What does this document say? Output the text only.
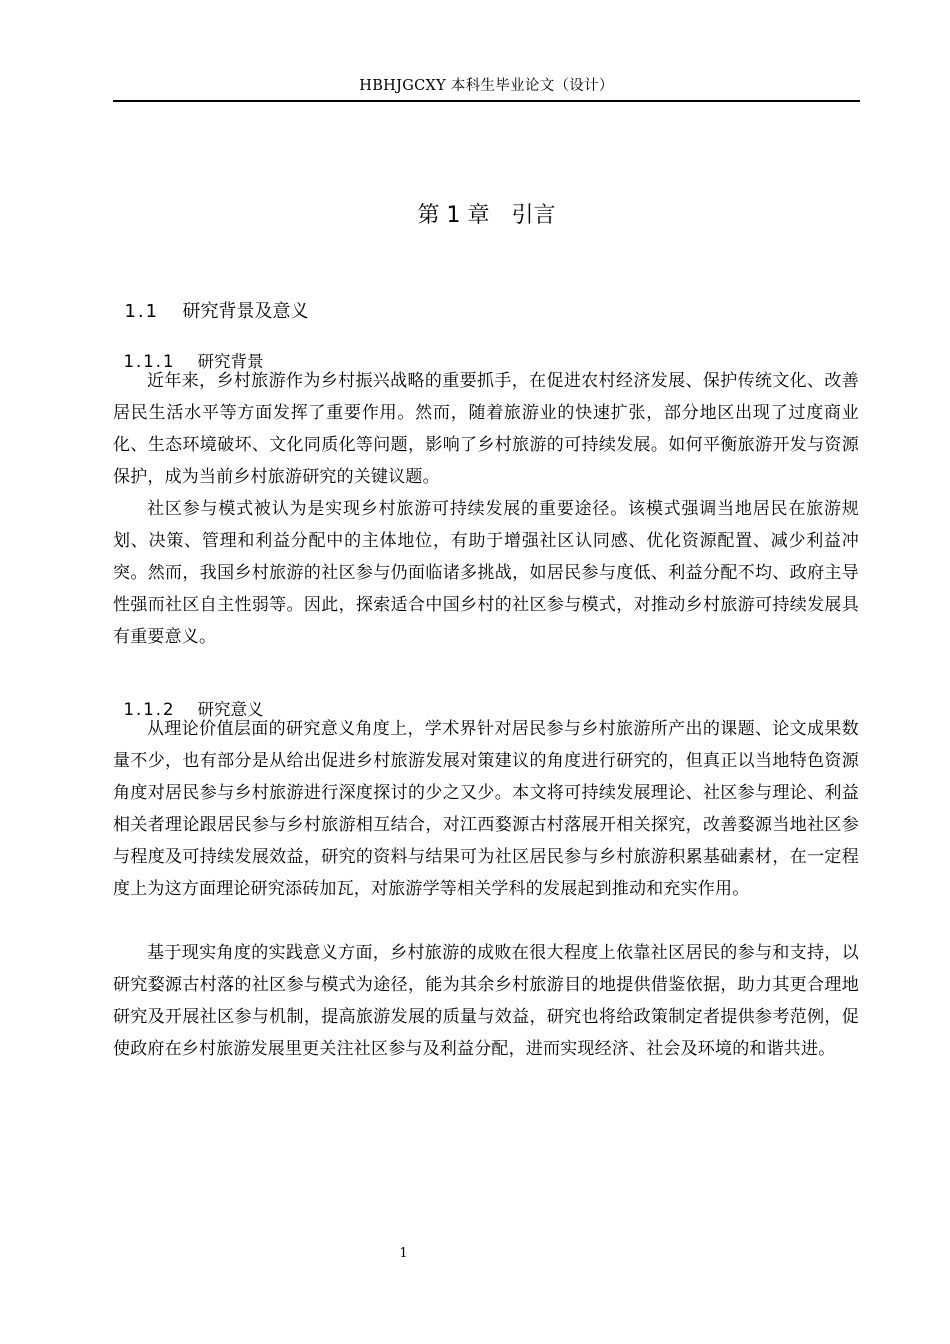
HBHJGCXY 本科生毕业论文（设计）
第 1 章　引言

1.1 研究背景及意义

1.1.1 研究背景

近年来，乡村旅游作为乡村振兴战略的重要抓手，在促进农村经济发展、保护传统文化、改善居民生活水平等方面发挥了重要作用。然而，随着旅游业的快速扩张，部分地区出现了过度商业化、生态环境破坏、文化同质化等问题，影响了乡村旅游的可持续发展。如何平衡旅游开发与资源保护，成为当前乡村旅游研究的关键议题。

社区参与模式被认为是实现乡村旅游可持续发展的重要途径。该模式强调当地居民在旅游规划、决策、管理和利益分配中的主体地位，有助于增强社区认同感、优化资源配置、减少利益冲突。然而，我国乡村旅游的社区参与仍面临诸多挑战，如居民参与度低、利益分配不均、政府主导性强而社区自主性弱等。因此，探索适合中国乡村的社区参与模式，对推动乡村旅游可持续发展具有重要意义。

1.1.2 研究意义

从理论价值层面的研究意义角度上，学术界针对居民参与乡村旅游所产出的课题、论文成果数量不少，也有部分是从给出促进乡村旅游发展对策建议的角度进行研究的，但真正以当地特色资源角度对居民参与乡村旅游进行深度探讨的少之又少。本文将可持续发展理论、社区参与理论、利益相关者理论跟居民参与乡村旅游相互结合，对江西婺源古村落展开相关探究，改善婺源当地社区参与程度及可持续发展效益，研究的资料与结果可为社区居民参与乡村旅游积累基础素材，在一定程度上为这方面理论研究添砖加瓦，对旅游学等相关学科的发展起到推动和充实作用。

基于现实角度的实践意义方面，乡村旅游的成败在很大程度上依靠社区居民的参与和支持，以研究婺源古村落的社区参与模式为途径，能为其余乡村旅游目的地提供借鉴依据，助力其更合理地研究及开展社区参与机制，提高旅游发展的质量与效益，研究也将给政策制定者提供参考范例，促使政府在乡村旅游发展里更关注社区参与及利益分配，进而实现经济、社会及环境的和谐共进。

1
